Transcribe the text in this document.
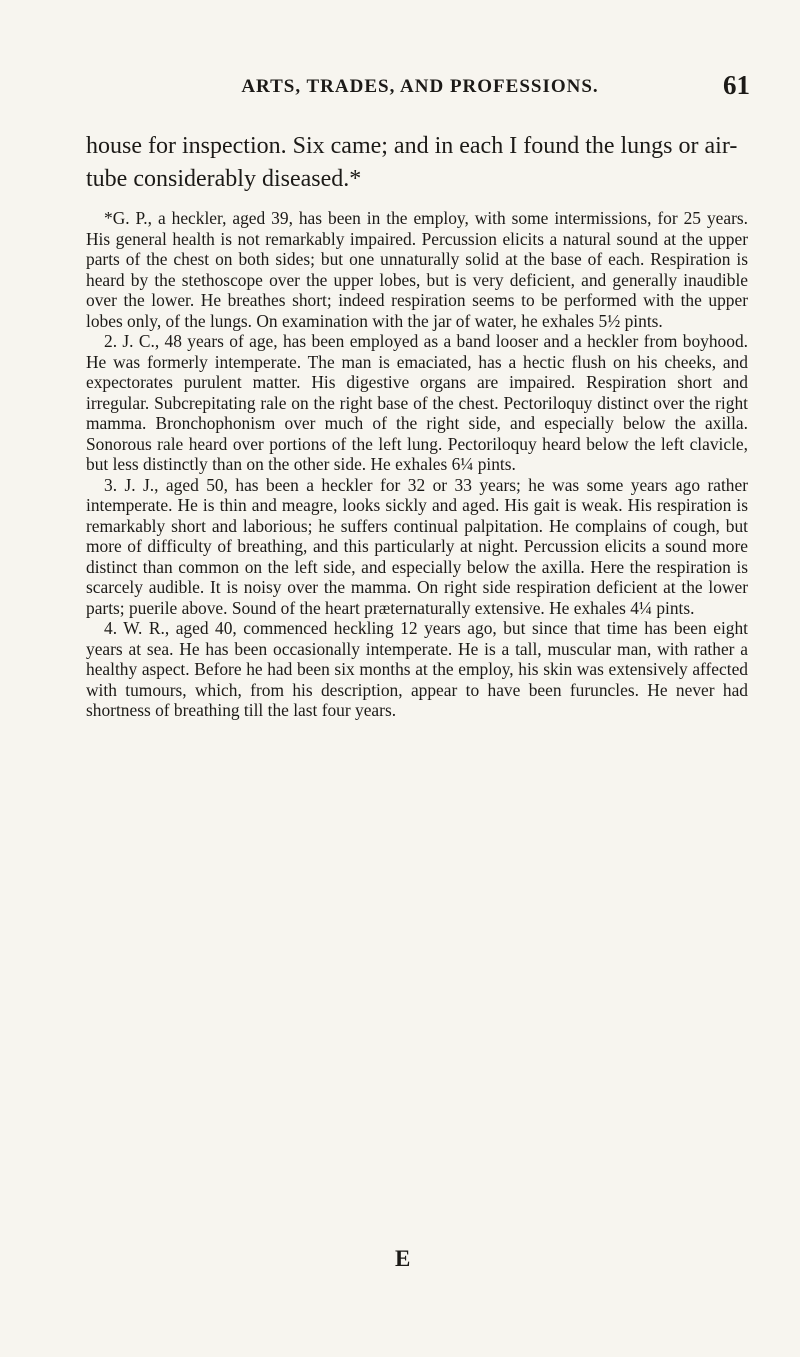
ARTS, TRADES, AND PROFESSIONS.	61
house for inspection. Six came; and in each I found the lungs or air-tube considerably diseased.*

*G. P., a heckler, aged 39, has been in the employ, with some intermissions, for 25 years. His general health is not remarkably impaired. Percussion elicits a natural sound at the upper parts of the chest on both sides; but one unnaturally solid at the base of each. Respiration is heard by the stethoscope over the upper lobes, but is very deficient, and generally inaudible over the lower. He breathes short; indeed respiration seems to be performed with the upper lobes only, of the lungs. On examination with the jar of water, he exhales 5½ pints.

2. J. C., 48 years of age, has been employed as a band looser and a heckler from boyhood. He was formerly intemperate. The man is emaciated, has a hectic flush on his cheeks, and expectorates purulent matter. His digestive organs are impaired. Respiration short and irregular. Subcrepitating rale on the right base of the chest. Pectoriloquy distinct over the right mamma. Bronchophonism over much of the right side, and especially below the axilla. Sonorous rale heard over portions of the left lung. Pectoriloquy heard below the left clavicle, but less distinctly than on the other side. He exhales 6¼ pints.

3. J. J., aged 50, has been a heckler for 32 or 33 years; he was some years ago rather intemperate. He is thin and meagre, looks sickly and aged. His gait is weak. His respiration is remarkably short and laborious; he suffers continual palpitation. He complains of cough, but more of difficulty of breathing, and this particularly at night. Percussion elicits a sound more distinct than common on the left side, and especially below the axilla. Here the respiration is scarcely audible. It is noisy over the mamma. On right side respiration deficient at the lower parts; puerile above. Sound of the heart præternaturally extensive. He exhales 4¼ pints.

4. W. R., aged 40, commenced heckling 12 years ago, but since that time has been eight years at sea. He has been occasionally intemperate. He is a tall, muscular man, with rather a healthy aspect. Before he had been six months at the employ, his skin was extensively affected with tumours, which, from his description, appear to have been furuncles. He never had shortness of breathing till the last four years.

E
